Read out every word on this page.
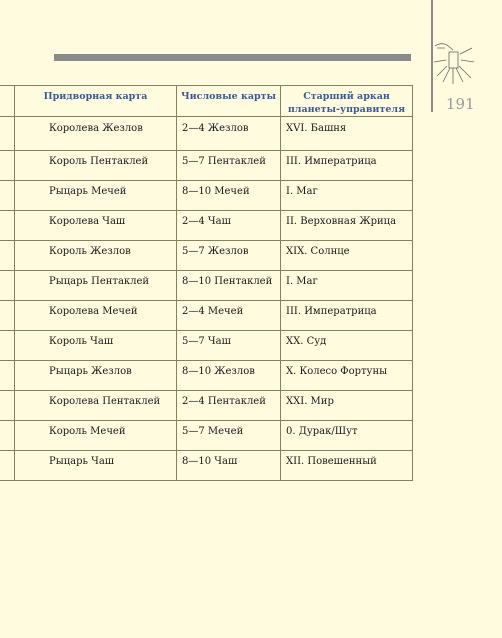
191
	Придворная карта	Числовые карты	Старший аркан планеты-управителя
	Королева Жезлов	2—4 Жезлов	XVI. Башня
	Король Пентаклей	5—7 Пентаклей	III. Императрица
	Рыцарь Мечей	8—10 Мечей	I. Маг
	Королева Чаш	2—4 Чаш	II. Верховная Жрица
	Король Жезлов	5—7 Жезлов	XIX. Солнце
	Рыцарь Пентаклей	8—10 Пентаклей	I. Маг
	Королева Мечей	2—4 Мечей	III. Императрица
	Король Чаш	5—7 Чаш	XX. Суд
	Рыцарь Жезлов	8—10 Жезлов	X. Колесо Фортуны
	Королева Пентаклей	2—4 Пентаклей	XXI. Мир
	Король Мечей	5—7 Мечей	0. Дурак/Шут
	Рыцарь Чаш	8—10 Чаш	XII. Повешенный
